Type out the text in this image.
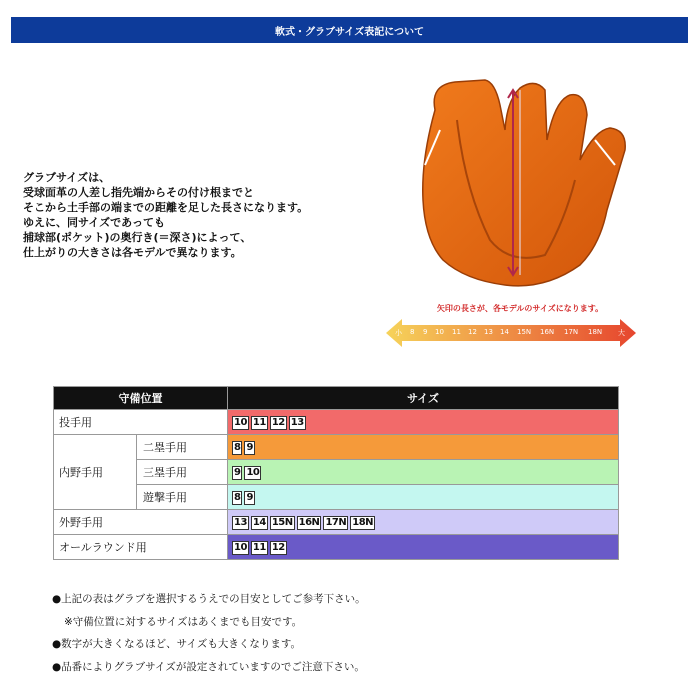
軟式・グラブサイズ表記について
グラブサイズは、
受球面革の人差し指先端からその付け根までと
そこから土手部の端までの距離を足した長さになります。
ゆえに、同サイズであっても
捕球部(ポケット)の奥行き(＝深さ)によって、
仕上がりの大きさは各モデルで異なります。
矢印の長さが、各モデルのサイズになります。
小 8 9 10 11 12 13 14 15N 16N 17N 18N 大
守備位置		サイズ
投手用		10 11 12 13
内野手用	二塁手用	8 9
	三塁手用	9 10
	遊撃手用	8 9
外野手用		13 14 15N 16N 17N 18N
オールラウンド用		10 11 12
●上記の表はグラブを選択するうえでの目安としてご参考下さい。
※守備位置に対するサイズはあくまでも目安です。
●数字が大きくなるほど、サイズも大きくなります。
●品番によりグラブサイズが設定されていますのでご注意下さい。
